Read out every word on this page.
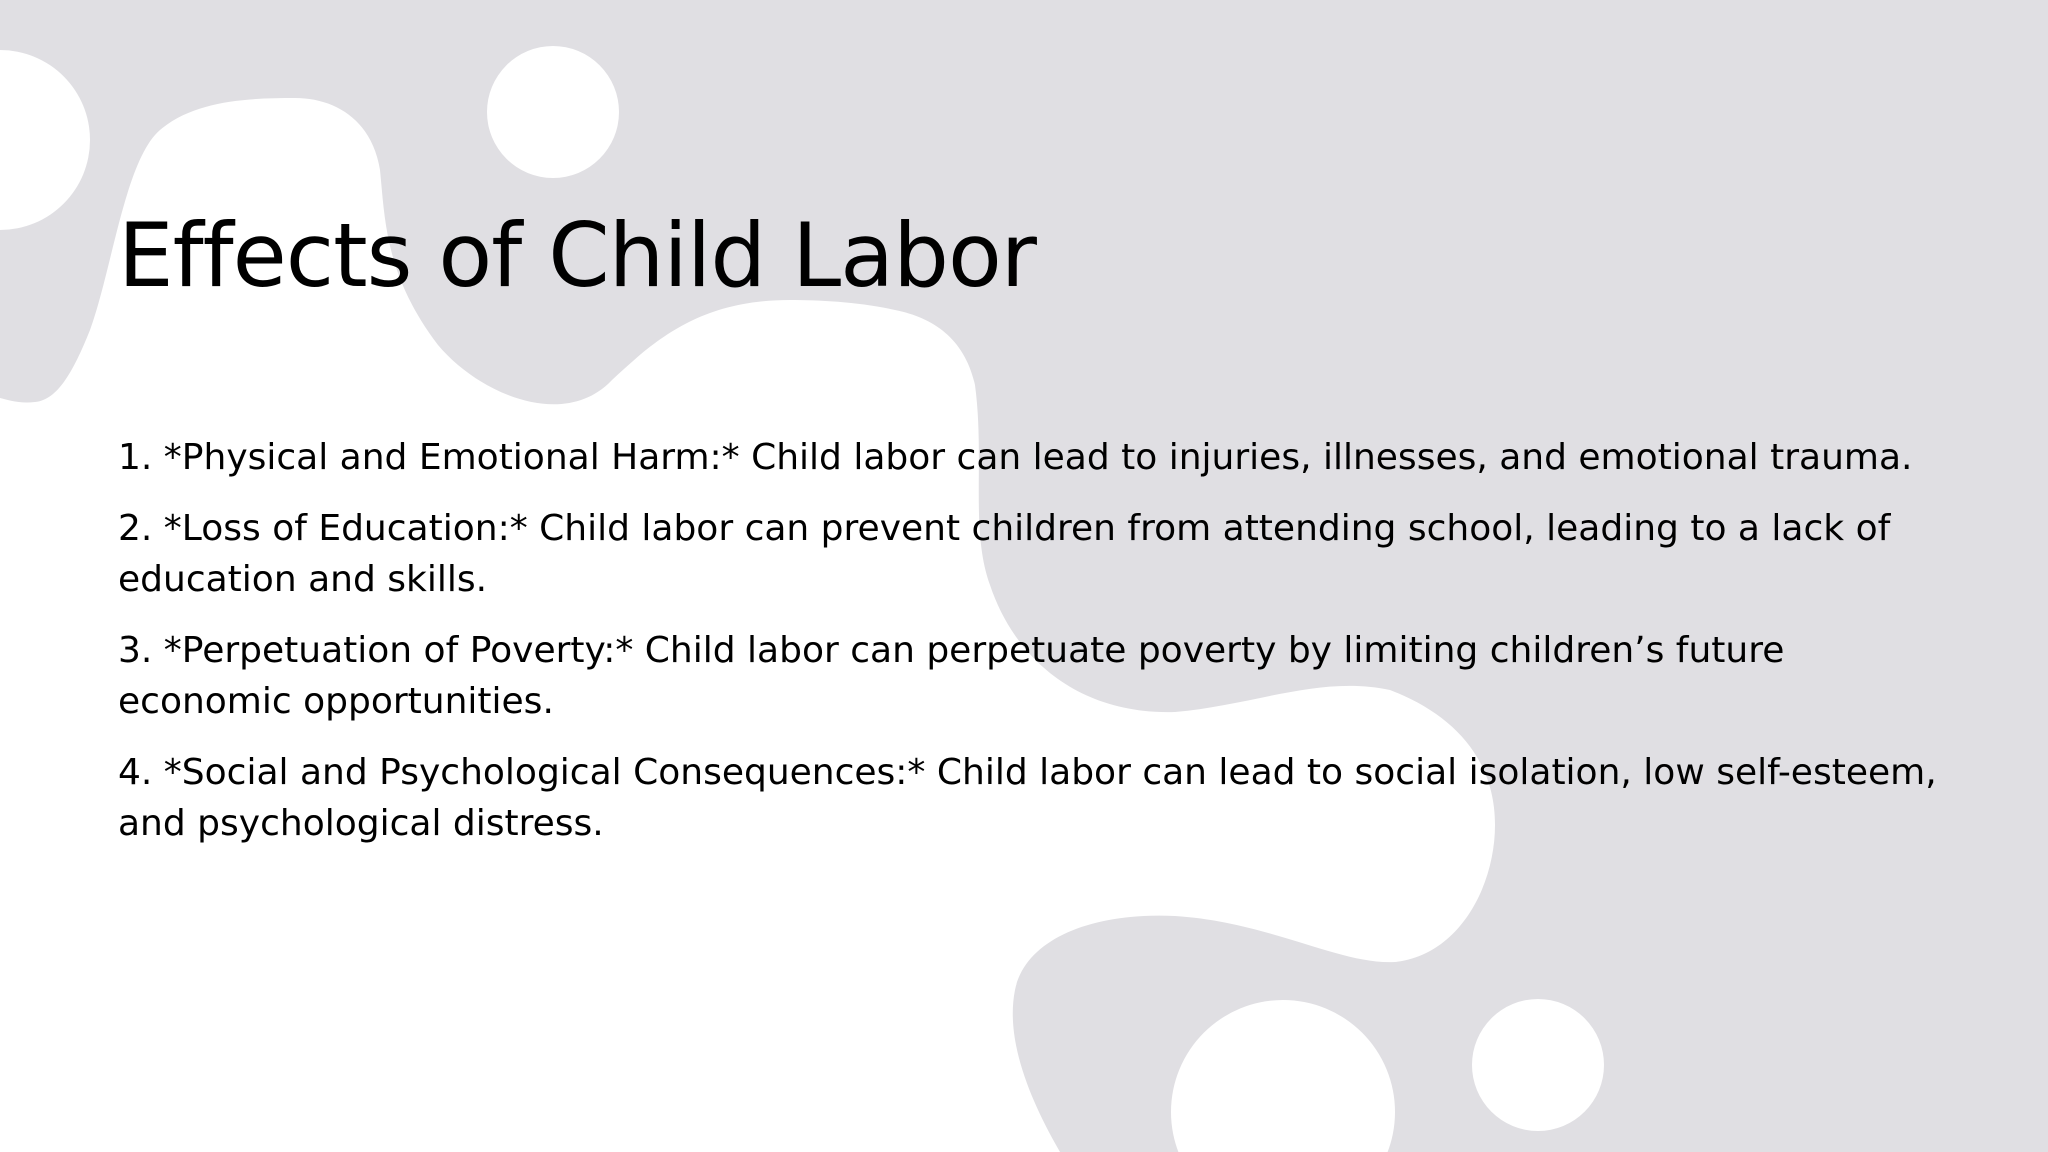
Effects of Child Labor
1. *Physical and Emotional Harm:* Child labor can lead to injuries, illnesses, and emotional trauma.
2. *Loss of Education:* Child labor can prevent children from attending school, leading to a lack of education and skills.
3. *Perpetuation of Poverty:* Child labor can perpetuate poverty by limiting children’s future economic opportunities.
4. *Social and Psychological Consequences:* Child labor can lead to social isolation, low self-esteem, and psychological distress.
